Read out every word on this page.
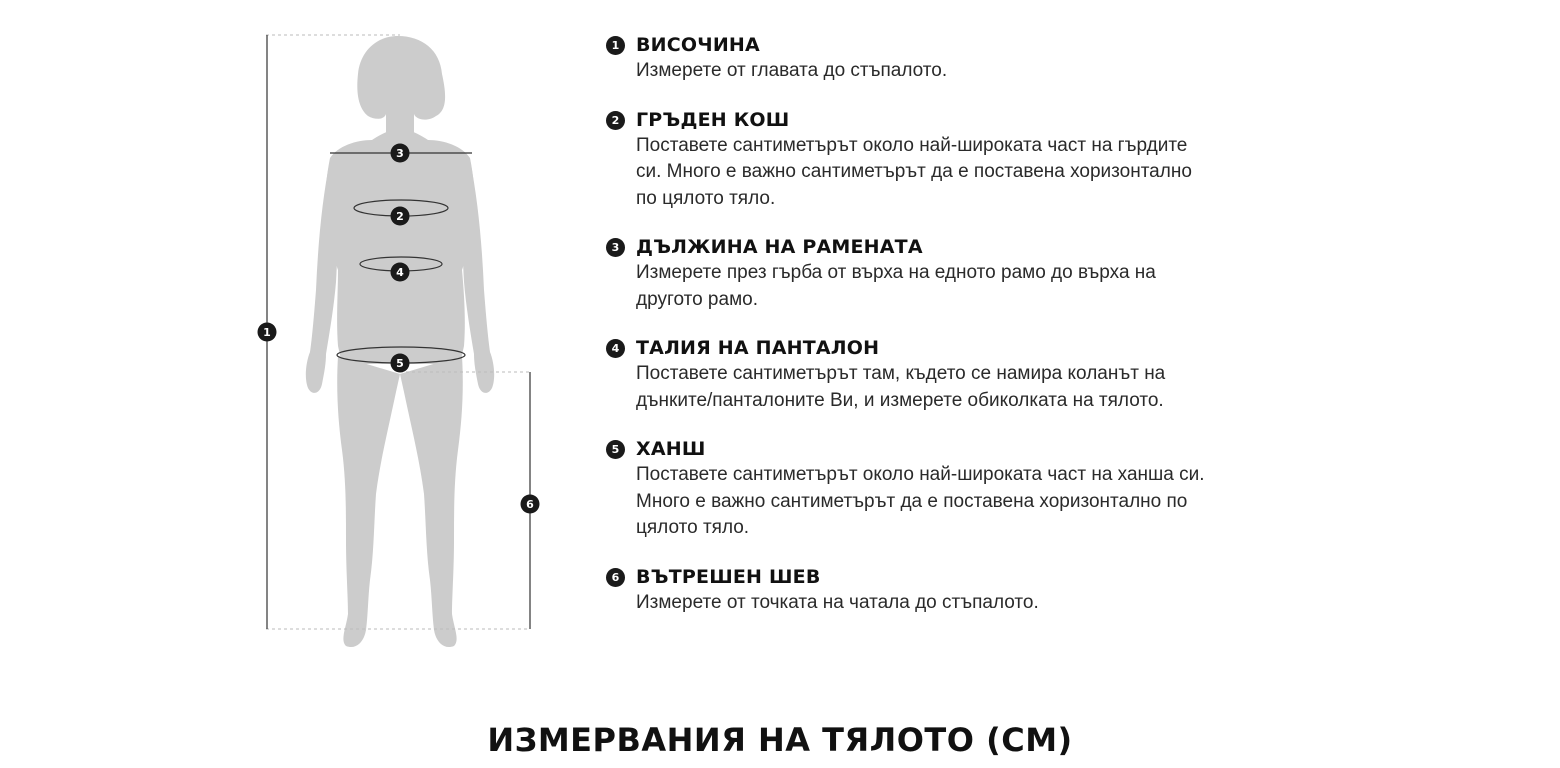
1
3
2
4
5
6
1 ВИСОЧИНА
Измерете от главата до стъпалото.
2 ГРЪДЕН КОШ
Поставете сантиметърът около най-широката част на гърдите си. Много е важно сантиметърът да е поставена хоризонтално по цялото тяло.
3 ДЪЛЖИНА НА РАМЕНАТА
Измерете през гърба от върха на едното рамо до върха на другото рамо.
4 ТАЛИЯ НА ПАНТАЛОН
Поставете сантиметърът там, където се намира коланът на дънките/панталоните Ви, и измерете обиколката на тялото.
5 ХАНШ
Поставете сантиметърът около най-широката част на ханша си. Много е важно сантиметърът да е поставена хоризонтално по цялото тяло.
6 ВЪТРЕШЕН ШЕВ
Измерете от точката на чатала до стъпалото.
ИЗМЕРВАНИЯ НА ТЯЛОТО (CM)
